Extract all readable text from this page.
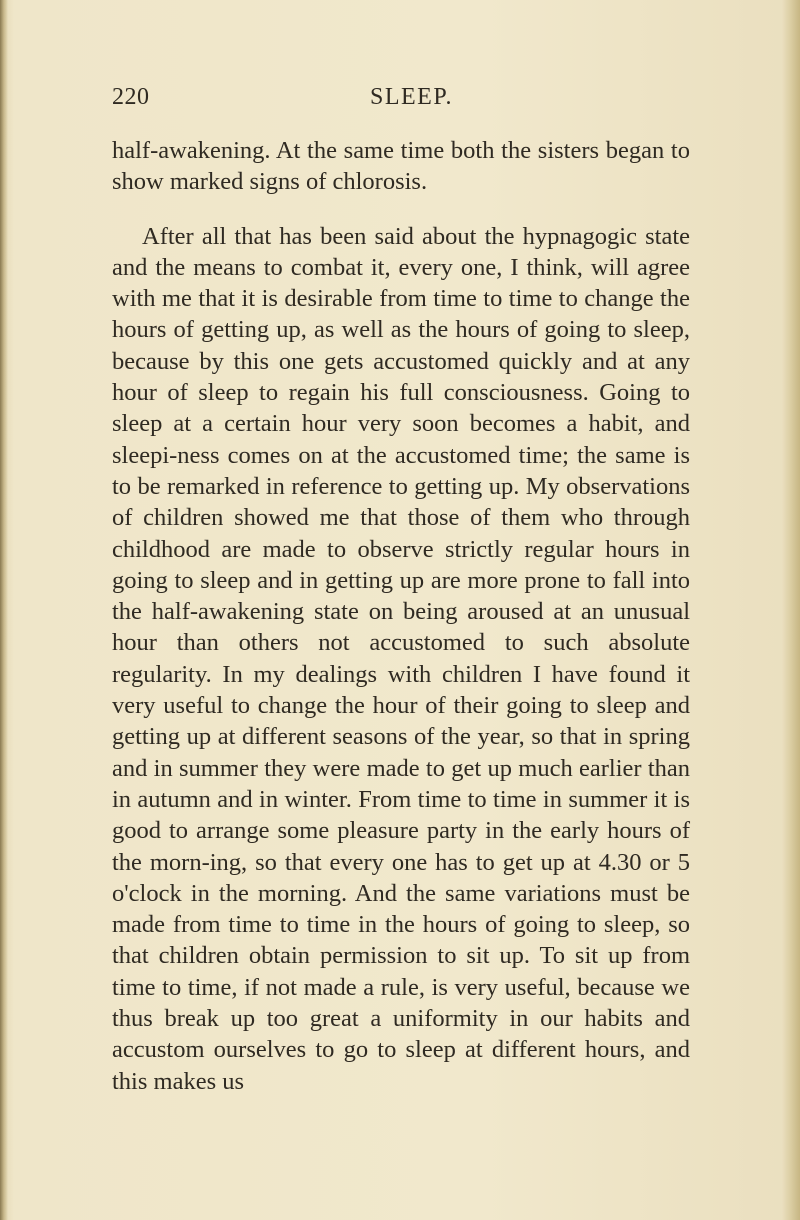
220	SLEEP.

half-awakening. At the same time both the sisters began to show marked signs of chlorosis.

After all that has been said about the hypnagogic state and the means to combat it, every one, I think, will agree with me that it is desirable from time to time to change the hours of getting up, as well as the hours of going to sleep, because by this one gets accustomed quickly and at any hour of sleep to regain his full consciousness. Going to sleep at a certain hour very soon becomes a habit, and sleepi-ness comes on at the accustomed time; the same is to be remarked in reference to getting up. My observations of children showed me that those of them who through childhood are made to observe strictly regular hours in going to sleep and in getting up are more prone to fall into the half-awakening state on being aroused at an unusual hour than others not accustomed to such absolute regularity. In my dealings with children I have found it very useful to change the hour of their going to sleep and getting up at different seasons of the year, so that in spring and in summer they were made to get up much earlier than in autumn and in winter. From time to time in summer it is good to arrange some pleasure party in the early hours of the morn-ing, so that every one has to get up at 4.30 or 5 o'clock in the morning. And the same variations must be made from time to time in the hours of going to sleep, so that children obtain permission to sit up. To sit up from time to time, if not made a rule, is very useful, because we thus break up too great a uniformity in our habits and accustom ourselves to go to sleep at different hours, and this makes us
